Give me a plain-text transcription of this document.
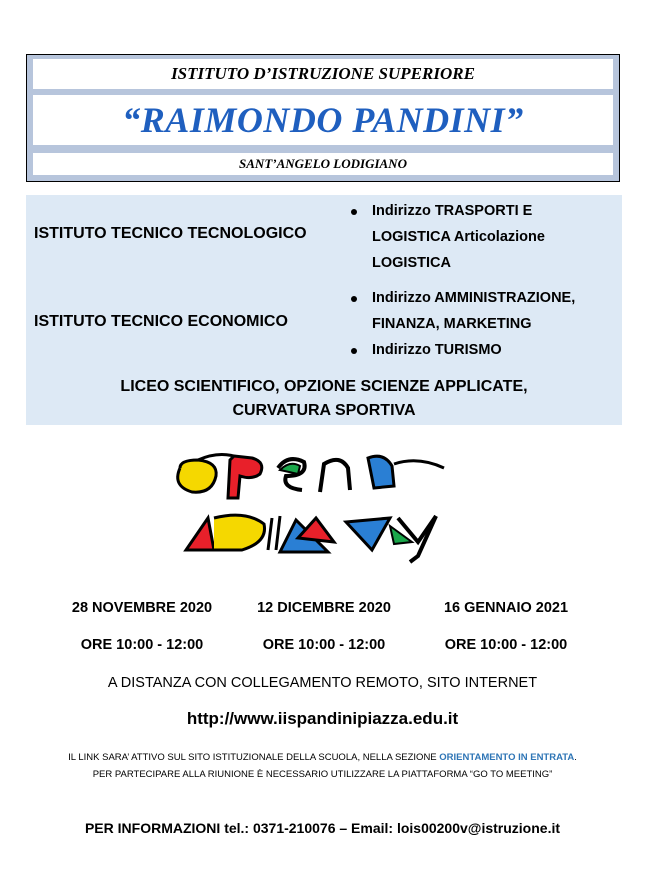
ISTITUTO D’ISTRUZIONE SUPERIORE
“RAIMONDO PANDINI”
SANT’ANGELO LODIGIANO
ISTITUTO TECNICO TECNOLOGICO
Indirizzo TRASPORTI E LOGISTICA Articolazione LOGISTICA
ISTITUTO TECNICO ECONOMICO
Indirizzo AMMINISTRAZIONE, FINANZA, MARKETING
Indirizzo TURISMO
LICEO SCIENTIFICO, OPZIONE SCIENZE APPLICATE,
CURVATURA SPORTIVA
28 NOVEMBRE 2020
ORE 10:00 - 12:00
12 DICEMBRE 2020
ORE 10:00 - 12:00
16 GENNAIO 2021
ORE 10:00 - 12:00
A DISTANZA CON COLLEGAMENTO REMOTO, SITO INTERNET
http://www.iispandinipiazza.edu.it
IL LINK SARA’ ATTIVO SUL SITO ISTITUZIONALE DELLA SCUOLA, NELLA SEZIONE ORIENTAMENTO IN ENTRATA.
PER PARTECIPARE ALLA RIUNIONE È NECESSARIO UTILIZZARE LA PIATTAFORMA “GO TO MEETING”
PER INFORMAZIONI tel.: 0371-210076 – Email: lois00200v@istruzione.it
